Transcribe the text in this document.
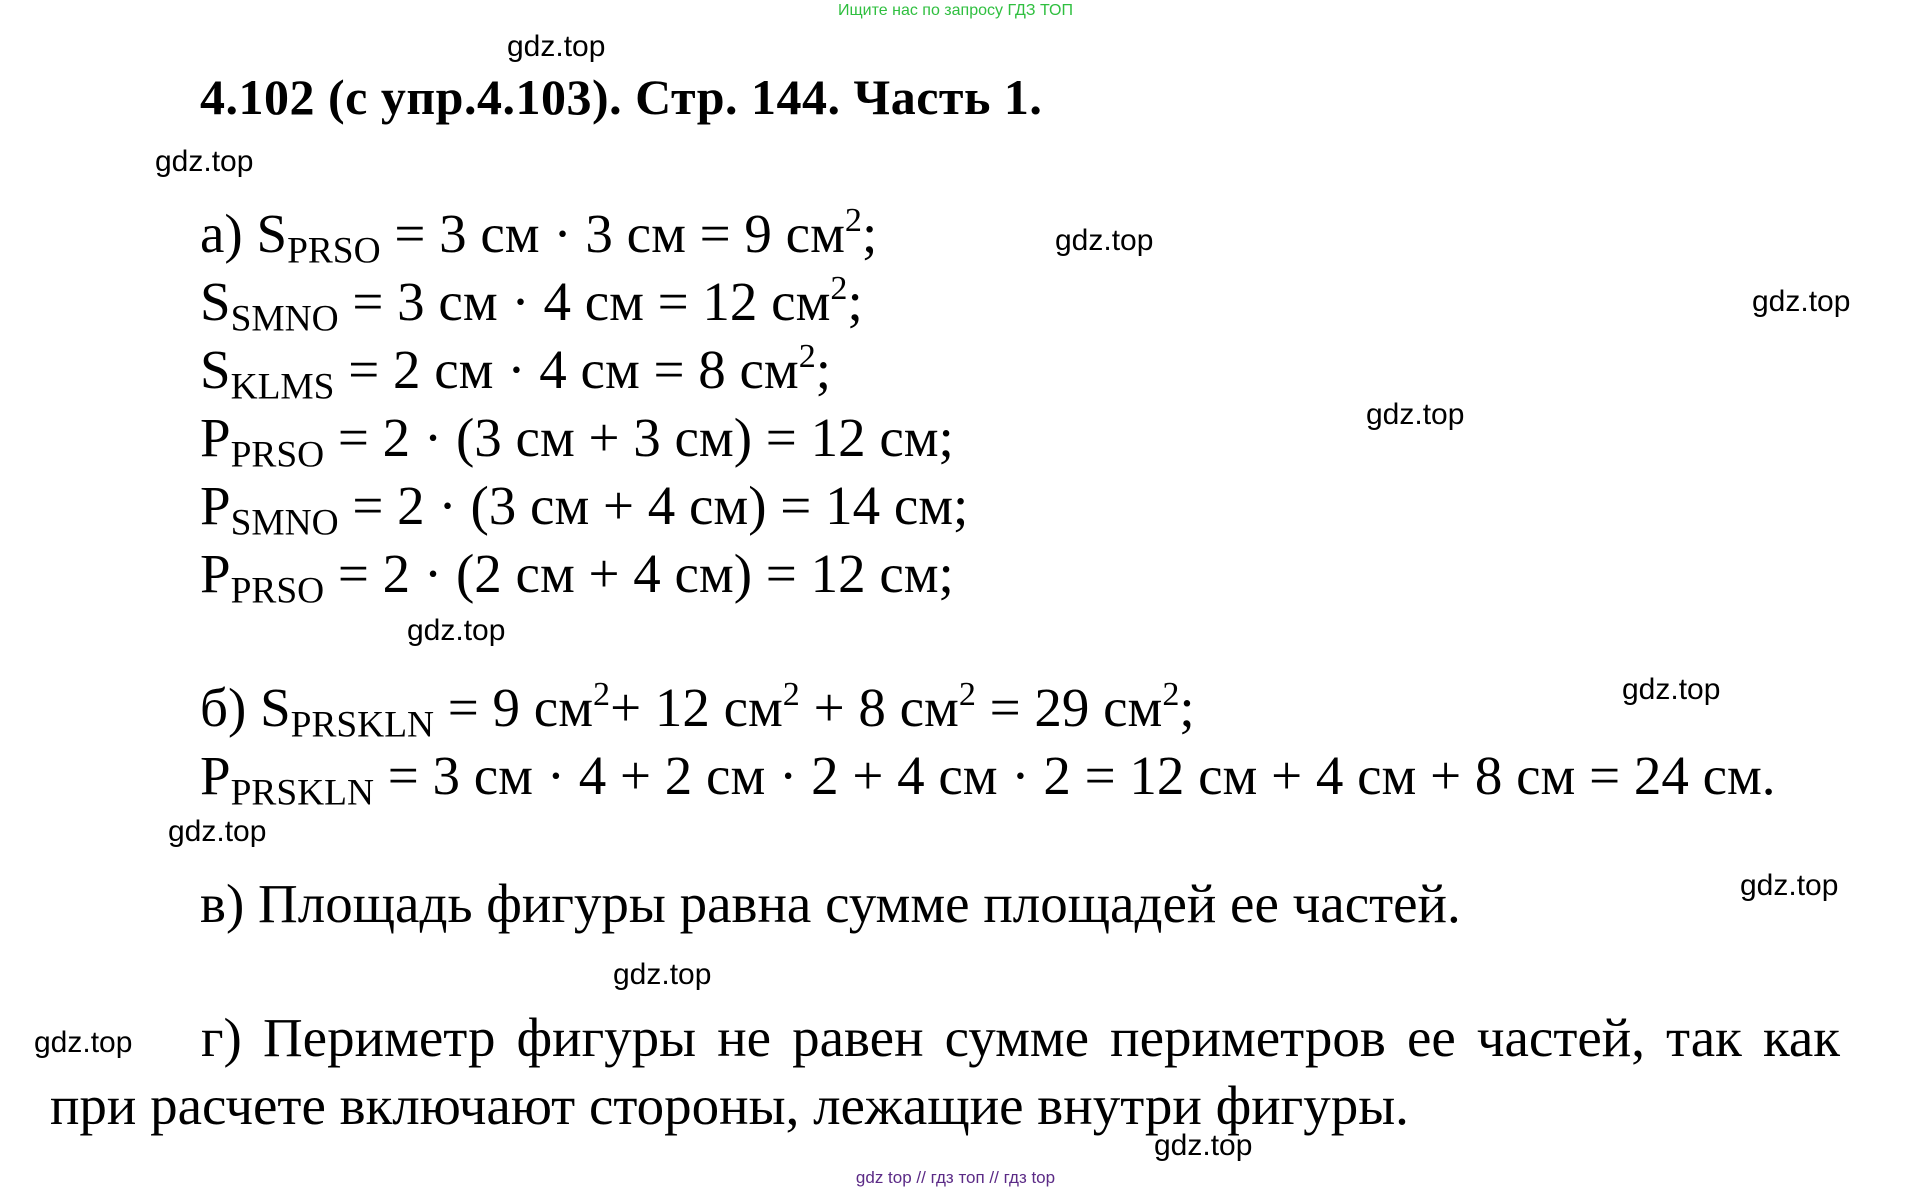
Ищите нас по запросу ГДЗ ТОП
4.102 (с упр.4.103). Стр. 144. Часть 1.
а) $S_{PRSO} = 3$ см · 3 см = 9 $см^2$;
$S_{SMNO} = 3$ см · 4 см = 12 $см^2$;
$S_{KLMS} = 2$ см · 4 см = 8 $см^2$;
$P_{PRSO} = 2 \cdot (3$ см + 3 см) = 12 см;
$P_{SMNO} = 2 \cdot (3$ см + 4 см) = 14 см;
$P_{PRSO} = 2 \cdot (2$ см + 4 см) = 12 см;
б) $S_{PRSKLN} = 9$ $см^2+ 12$ $см^2 + 8$ $см^2 = 29$ $см^2$;
$P_{PRSKLN} = 3$ см · 4 + 2 см · 2 + 4 см · 2 = 12 см + 4 см + 8 см = 24 см.
в) Площадь фигуры равна сумме площадей ее частей.
г) Периметр фигуры не равен сумме периметров ее частей, так как при расчете включают стороны, лежащие внутри фигуры.
gdz.top
gdz.top
gdz.top
gdz.top
gdz.top
gdz.top
gdz.top
gdz.top
gdz.top
gdz.top
gdz.top
gdz.top
gdz top // гдз топ // гдз top
